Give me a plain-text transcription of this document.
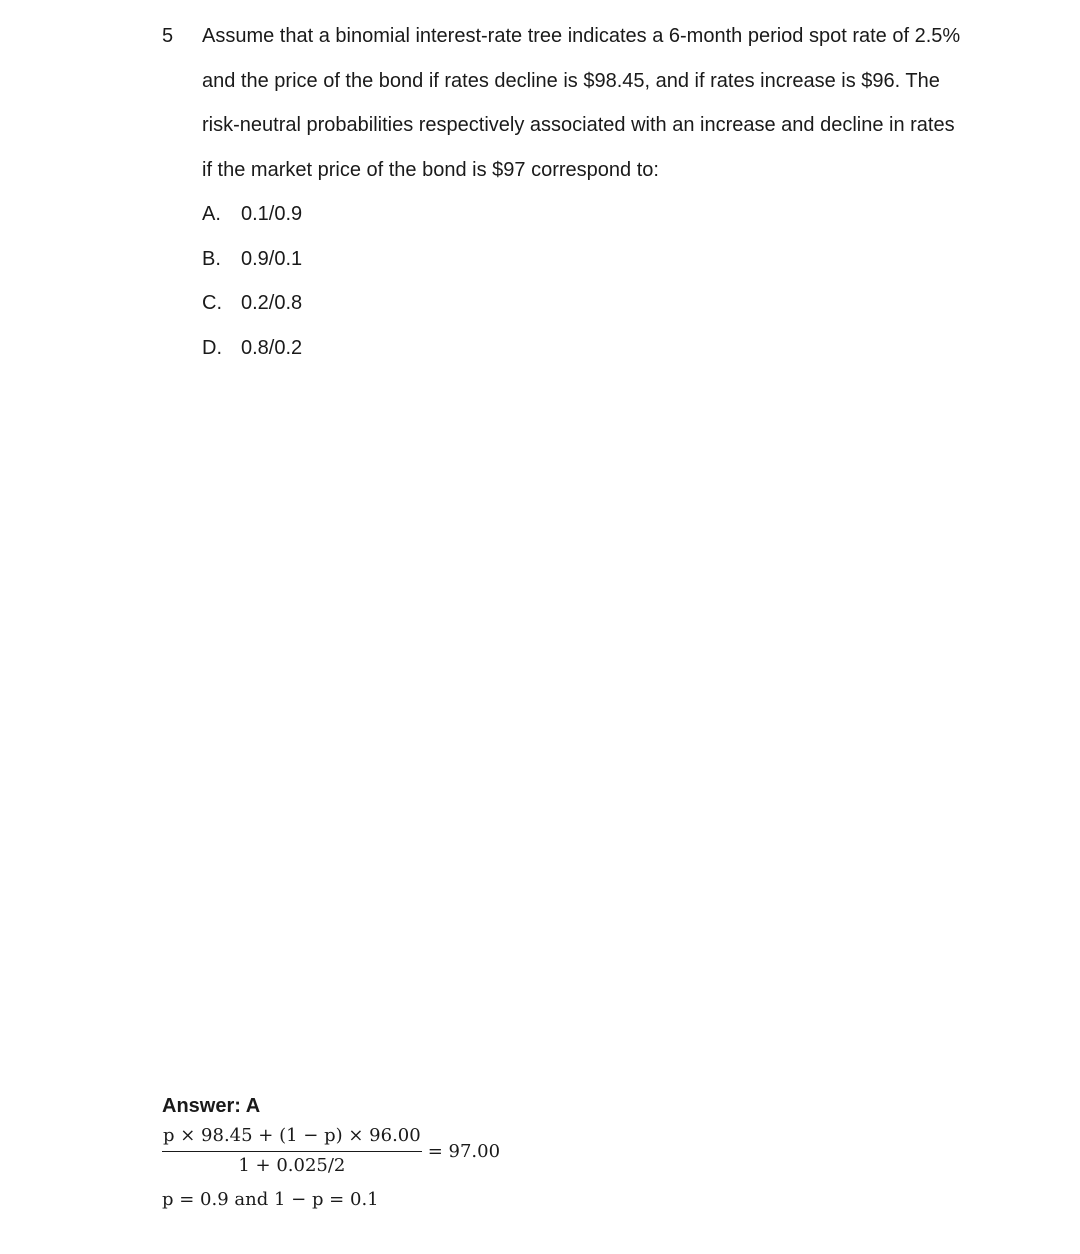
5 Assume that a binomial interest-rate tree indicates a 6-month period spot rate of 2.5%
and the price of the bond if rates decline is $98.45, and if rates increase is $96. The
risk-neutral probabilities respectively associated with an increase and decline in rates
if the market price of the bond is $97 correspond to:
A. 0.1/0.9
B. 0.9/0.1
C. 0.2/0.8
D. 0.8/0.2
Answer: A
$\frac{p \times 98.45 + (1 - p) \times 96.00}{1 + 0.025/2} = 97.00$
p = 0.9 and 1 − p = 0.1
